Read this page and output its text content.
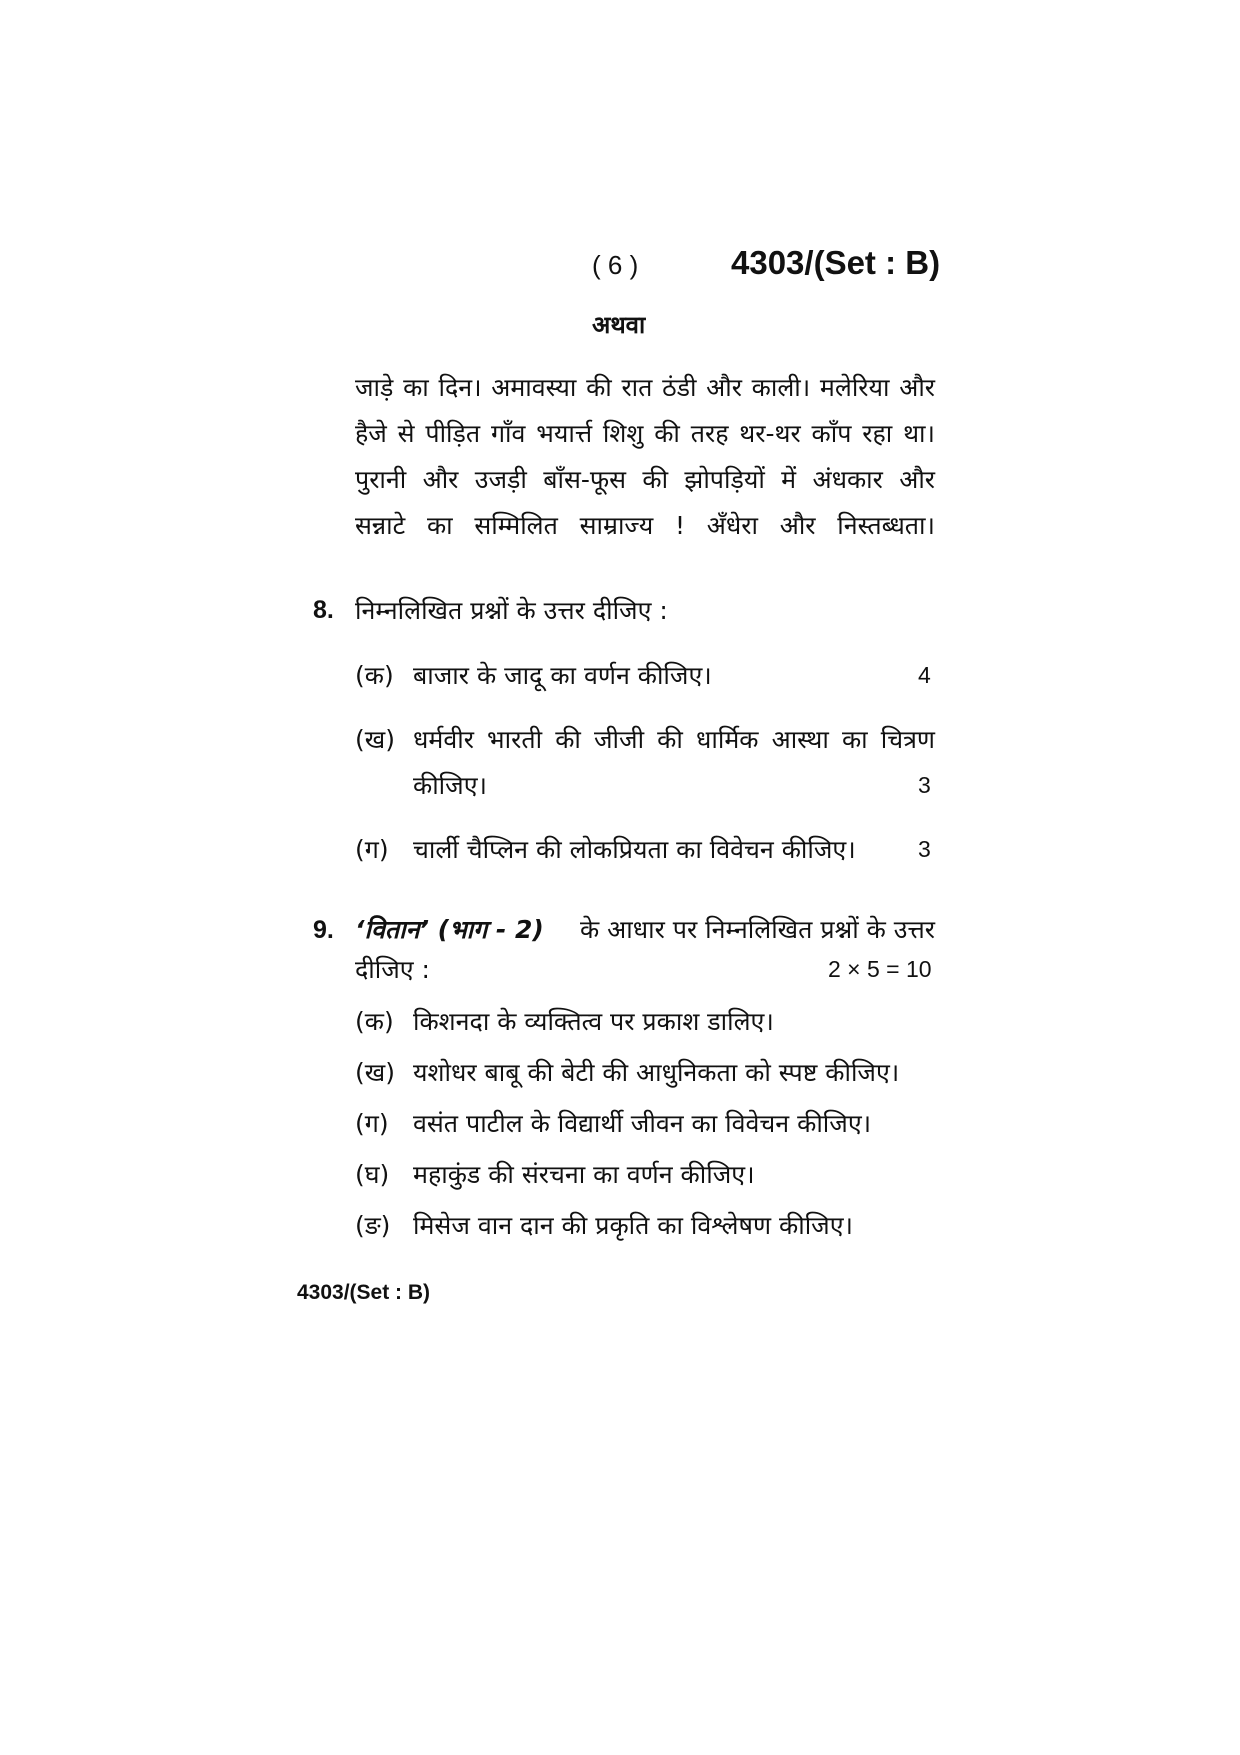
( 6 )	4303/(Set : B)
अथवा
जाड़े का दिन। अमावस्या की रात ठंडी और काली। मलेरिया और
हैजे से पीड़ित गाँव भयार्त्त शिशु की तरह थर-थर काँप रहा था।
पुरानी और उजड़ी बाँस-फूस की झोपड़ियों में अंधकार और
सन्नाटे का सम्मिलित साम्राज्य ! अँधेरा और निस्तब्धता।
8. निम्नलिखित प्रश्नों के उत्तर दीजिए :
(क) बाजार के जादू का वर्णन कीजिए।	4
(ख) धर्मवीर भारती की जीजी की धार्मिक आस्था का चित्रण
कीजिए।	3
(ग) चार्ली चैप्लिन की लोकप्रियता का विवेचन कीजिए।	3
9. ‘वितान’ (भाग - 2) के आधार पर निम्नलिखित प्रश्नों के उत्तर
दीजिए :	2 × 5 = 10
(क) किशनदा के व्यक्तित्व पर प्रकाश डालिए।
(ख) यशोधर बाबू की बेटी की आधुनिकता को स्पष्ट कीजिए।
(ग) वसंत पाटील के विद्यार्थी जीवन का विवेचन कीजिए।
(घ) महाकुंड की संरचना का वर्णन कीजिए।
(ङ) मिसेज वान दान की प्रकृति का विश्लेषण कीजिए।
4303/(Set : B)
